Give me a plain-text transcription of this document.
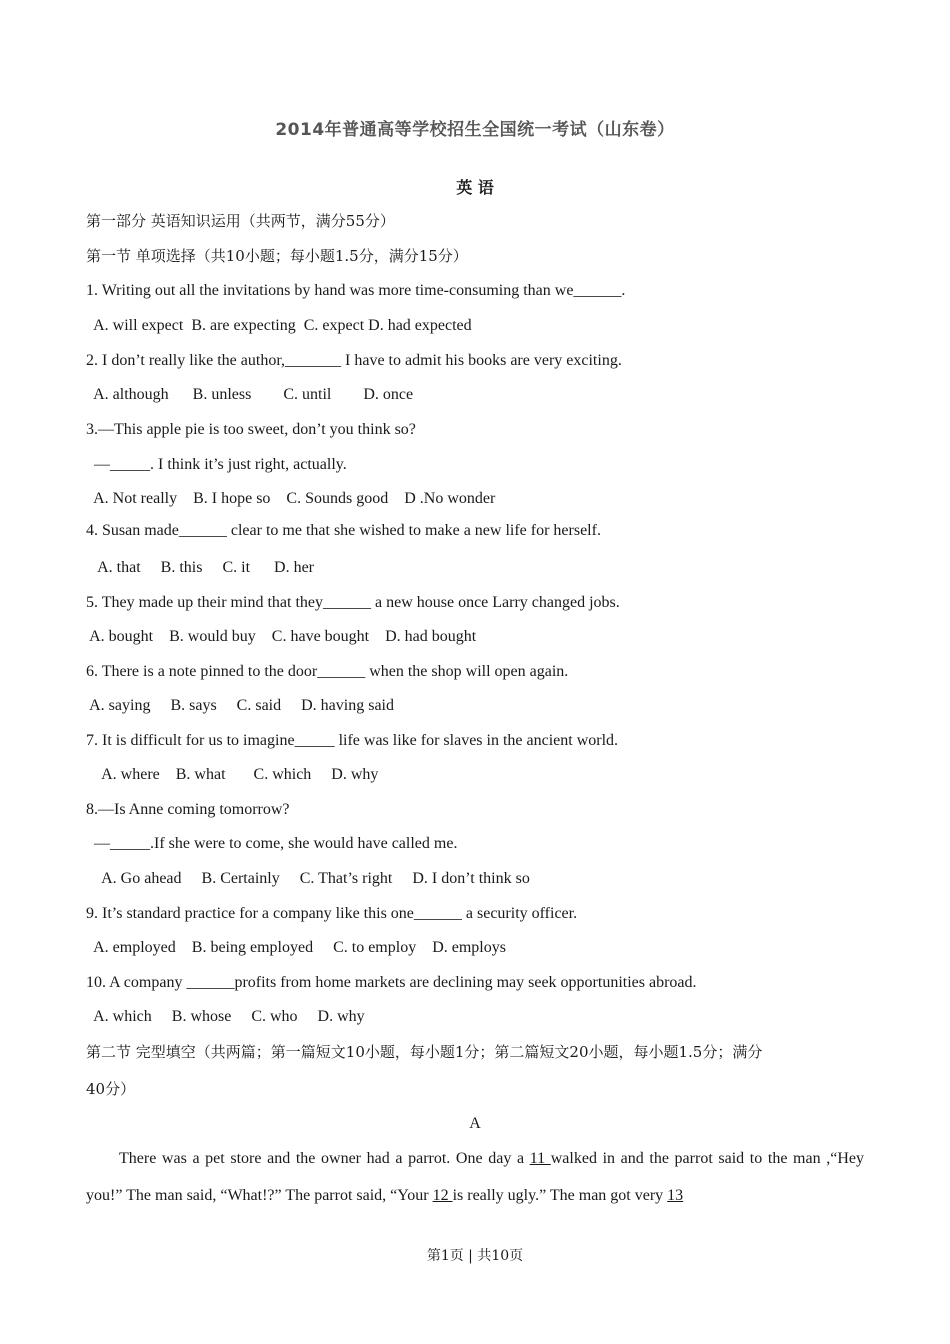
2014年普通高等学校招生全国统一考试（山东卷）
英 语
第一部分 英语知识运用（共两节，满分55分）
第一节 单项选择（共10小题；每小题1.5分，满分15分）
1. Writing out all the invitations by hand was more time-consuming than we______.
A. will expect  B. are expecting  C. expect D. had expected
2. I don’t really like the author,_______ I have to admit his books are very exciting.
A. although      B. unless        C. until        D. once
3.—This apple pie is too sweet, don’t you think so?
—_____. I think it’s just right, actually.
A. Not really    B. I hope so    C. Sounds good    D .No wonder
4. Susan made______ clear to me that she wished to make a new life for herself.
A. that     B. this     C. it      D. her
5. They made up their mind that they______ a new house once Larry changed jobs.
A. bought    B. would buy    C. have bought    D. had bought
6. There is a note pinned to the door______ when the shop will open again.
A. saying     B. says     C. said     D. having said
7. It is difficult for us to imagine_____ life was like for slaves in the ancient world.
A. where    B. what       C. which     D. why
8.—Is Anne coming tomorrow?
—_____.If she were to come, she would have called me.
A. Go ahead     B. Certainly     C. That’s right     D. I don’t think so
9. It’s standard practice for a company like this one______ a security officer.
A. employed    B. being employed     C. to employ    D. employs
10. A company ______profits from home markets are declining may seek opportunities abroad.
A. which     B. whose     C. who     D. why
第二节 完型填空（共两篇；第一篇短文10小题，每小题1分；第二篇短文20小题，每小题1.5分；满分
40分）
A
There was a pet store and the owner had a parrot. One day a 11 walked in and the parrot said to the man ,“Hey you!” The man said, “What!?” The parrot said, “Your 12 is really ugly.” The man got very 13
第1页 | 共10页
